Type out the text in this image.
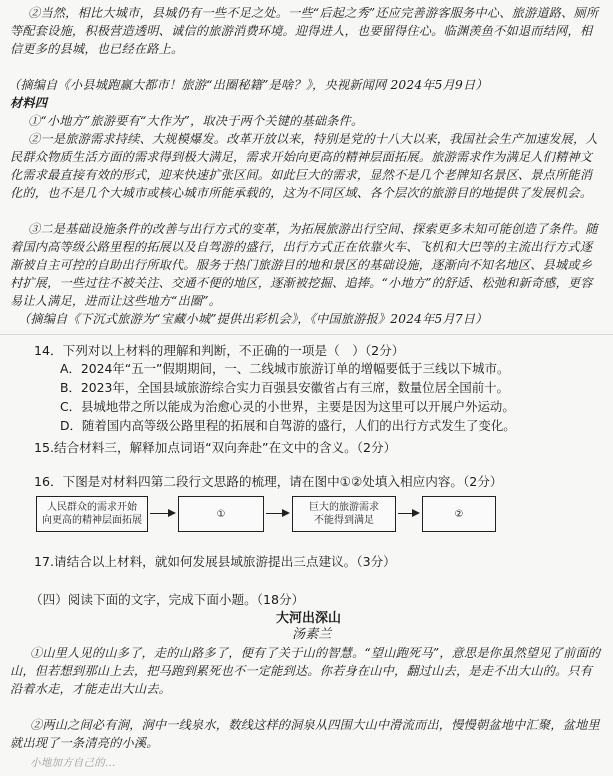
②当然，相比大城市，县城仍有一些不足之处。一些“后起之秀”还应完善游客服务中心、旅游道路、厕所等配套设施，积极营造透明、诚信的旅游消费环境。迎得进人，也要留得住心。临渊羡鱼不如退而结网，相信更多的县城，也已经在路上。
（摘编自《小县城跑赢大都市！旅游“出圈秘籍”是啥？》，央视新闻网 2024年5月9日）
材料四
①“小地方”旅游要有“大作为”，取决于两个关键的基础条件。
②一是旅游需求持续、大规模爆发。改革开放以来，特别是党的十八大以来，我国社会生产加速发展，人民群众物质生活方面的需求得到极大满足，需求开始向更高的精神层面拓展。旅游需求作为满足人们精神文化需求最直接有效的形式，迎来快速扩张区间。如此巨大的需求，显然不是几个老牌知名景区、景点所能消化的，也不是几个大城市或核心城市所能承载的，这为不同区域、各个层次的旅游目的地提供了发展机会。
③二是基础设施条件的改善与出行方式的变革，为拓展旅游出行空间、探索更多未知可能创造了条件。随着国内高等级公路里程的拓展以及自驾游的盛行，出行方式正在依靠火车、飞机和大巴等的主流出行方式逐渐被自主可控的自助出行所取代。服务于热门旅游目的地和景区的基础设施，逐渐向不知名地区、县城或乡村扩展，一些过往不被关注、交通不便的地区，逐渐被挖掘、追捧。“小地方”的舒适、松弛和新奇感，更容易让人满足，进而让这些地方“出圈”。
（摘编自《下沉式旅游为“宝藏小城”提供出彩机会》，《中国旅游报》2024年5月7日）
14．下列对以上材料的理解和判断，不正确的一项是（　）（2分）
A．2024年“五一”假期期间，一、二线城市旅游订单的增幅要低于三线以下城市。
B．2023年，全国县域旅游综合实力百强县安徽省占有三席，数量位居全国前十。
C．县城地带之所以能成为治愈心灵的小世界，主要是因为这里可以开展户外运动。
D．随着国内高等级公路里程的拓展和自驾游的盛行，人们的出行方式发生了变化。
15.结合材料三，解释加点词语“双向奔赴”在文中的含义。（2分）
16．下图是对材料四第二段行文思路的梳理，请在图中①②处填入相应内容。（2分）
人民群众的需求开始
向更高的精神层面拓展
①
巨大的旅游需求
不能得到满足
②
17.请结合以上材料，就如何发展县域旅游提出三点建议。（3分）
（四）阅读下面的文字，完成下面小题。（18分）
大河出深山
汤素兰
①山里人见的山多了，走的山路多了，便有了关于山的智慧。“望山跑死马”，意思是你虽然望见了前面的山，但若想到那山上去，把马跑到累死也不一定能到达。你若身在山中，翻过山去，是走不出大山的。只有沿着水走，才能走出大山去。
②两山之间必有涧，涧中一线泉水，数线这样的洞泉从四围大山中滑流而出，慢慢朝盆地中汇聚，盆地里就出现了一条清亮的小溪。
小地加方自己的...
